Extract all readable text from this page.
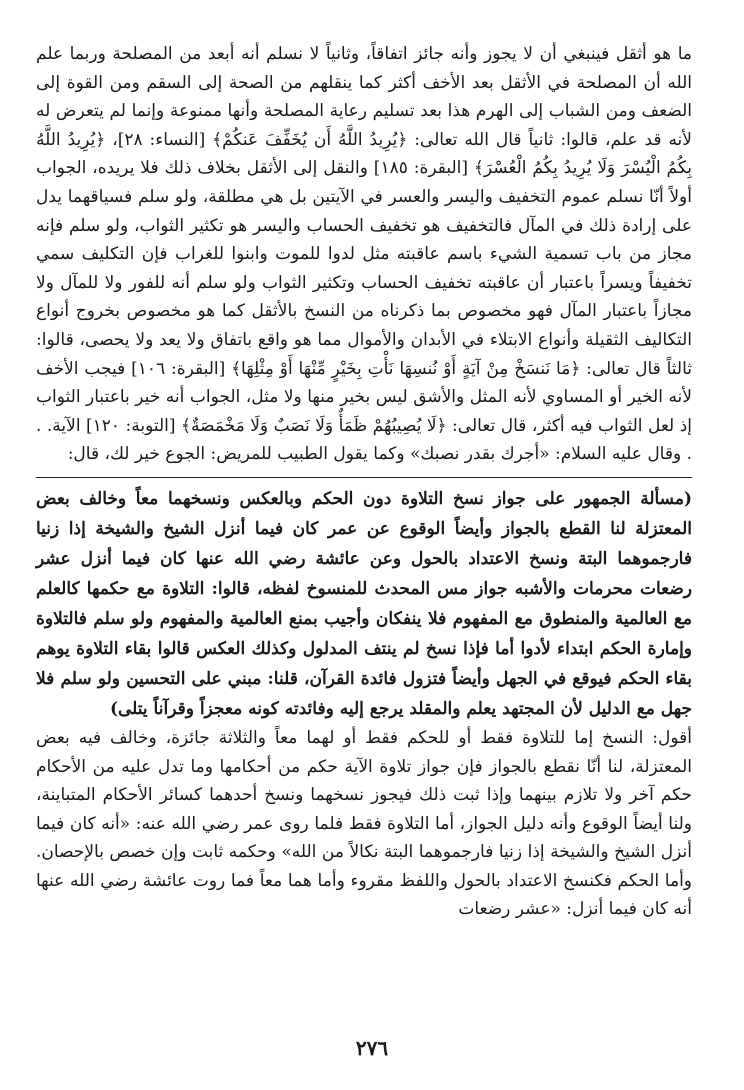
ما هو أثقل فينبغي أن لا يجوز وأنه جائز اتفاقاً، وثانياً لا نسلم أنه أبعد من المصلحة وربما علم الله أن المصلحة في الأثقل بعد الأخف أكثر كما ينقلهم من الصحة إلى السقم ومن القوة إلى الضعف ومن الشباب إلى الهرم هذا بعد تسليم رعاية المصلحة وأنها ممنوعة وإنما لم يتعرض له لأنه قد علم، قالوا: ثانياً قال الله تعالى: ﴿يُرِيدُ اللَّهُ أَن يُخَفِّفَ عَنكُمْ﴾ [النساء: ٢٨]، ﴿يُرِيدُ اللَّهُ بِكُمُ الْيُسْرَ وَلَا يُرِيدُ بِكُمُ الْعُسْرَ﴾ [البقرة: ١٨٥] والنقل إلى الأثقل بخلاف ذلك فلا يريده، الجواب أولاً أنّا نسلم عموم التخفيف واليسر والعسر في الآيتين بل هي مطلقة، ولو سلم فسياقهما يدل على إرادة ذلك في المآل فالتخفيف هو تخفيف الحساب واليسر هو تكثير الثواب، ولو سلم فإنه مجاز من باب تسمية الشيء باسم عاقبته مثل لدوا للموت وابنوا للغراب فإن التكليف سمي تخفيفاً ويسراً باعتبار أن عاقبته تخفيف الحساب وتكثير الثواب ولو سلم أنه للفور ولا للمآل ولا مجازاً باعتبار المآل فهو مخصوص بما ذكرناه من النسخ بالأثقل كما هو مخصوص بخروج أنواع التكاليف الثقيلة وأنواع الابتلاء في الأبدان والأموال مما هو واقع باتفاق ولا يعد ولا يحصى، قالوا: ثالثاً قال تعالى: ﴿مَا نَنسَخْ مِنْ آيَةٍ أَوْ نُنسِهَا نَأْتِ بِخَيْرٍ مِّنْهَا أَوْ مِثْلِهَا﴾ [البقرة: ١٠٦] فيجب الأخف لأنه الخير أو المساوي لأنه المثل والأشق ليس بخير منها ولا مثل، الجواب أنه خير باعتبار الثواب إذ لعل الثواب فيه أكثر، قال تعالى: ﴿لَا يُصِيبُهُمْ ظَمَأٌ وَلَا نَصَبٌ وَلَا مَخْمَصَةٌ﴾ [التوبة: ١٢٠] الآية. . . وقال عليه السلام: «أجرك بقدر نصبك» وكما يقول الطبيب للمريض: الجوع خير لك، قال:

(مسألة الجمهور على جواز نسخ التلاوة دون الحكم وبالعكس ونسخهما معاً وخالف بعض المعتزلة لنا القطع بالجواز وأيضاً الوقوع عن عمر كان فيما أنزل الشيخ والشيخة إذا زنيا فارجموهما البتة ونسخ الاعتداد بالحول وعن عائشة رضي الله عنها كان فيما أنزل عشر رضعات محرمات والأشبه جواز مس المحدث للمنسوخ لفظه، قالوا: التلاوة مع حكمها كالعلم مع العالمية والمنطوق مع المفهوم فلا ينفكان وأجيب بمنع العالمية والمفهوم ولو سلم فالتلاوة وإمارة الحكم ابتداء لأدوا أما فإذا نسخ لم ينتف المدلول وكذلك العكس قالوا بقاء التلاوة يوهم بقاء الحكم فيوقع في الجهل وأيضاً فتزول فائدة القرآن، قلنا: مبني على التحسين ولو سلم فلا جهل مع الدليل لأن المجتهد يعلم والمقلد يرجع إليه وفائدته كونه معجزاً وقرآناً يتلى)

أقول: النسخ إما للتلاوة فقط أو للحكم فقط أو لهما معاً والثلاثة جائزة، وخالف فيه بعض المعتزلة، لنا أنّا نقطع بالجواز فإن جواز تلاوة الآية حكم من أحكامها وما تدل عليه من الأحكام حكم آخر ولا تلازم بينهما وإذا ثبت ذلك فيجوز نسخهما ونسخ أحدهما كسائر الأحكام المتباينة، ولنا أيضاً الوقوع وأنه دليل الجواز، أما التلاوة فقط فلما روى عمر رضي الله عنه: «أنه كان فيما أنزل الشيخ والشيخة إذا زنيا فارجموهما البتة نكالاً من الله» وحكمه ثابت وإن خصص بالإحصان. وأما الحكم فكنسخ الاعتداد بالحول واللفظ مقروء وأما هما معاً فما روت عائشة رضي الله عنها أنه كان فيما أنزل: «عشر رضعات

٢٧٦
